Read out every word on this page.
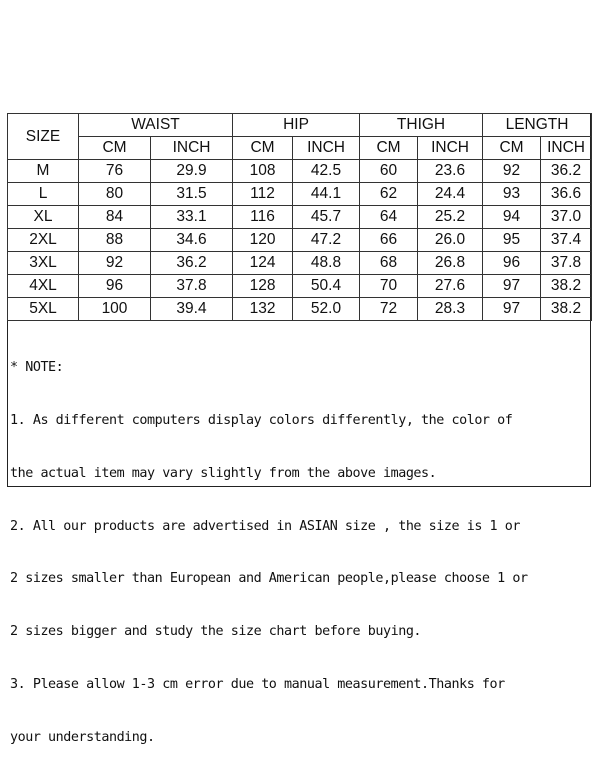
SIZE	WAIST		HIP		THIGH		LENGTH	
	CM	INCH	CM	INCH	CM	INCH	CM	INCH
M	76	29.9	108	42.5	60	23.6	92	36.2
L	80	31.5	112	44.1	62	24.4	93	36.6
XL	84	33.1	116	45.7	64	25.2	94	37.0
2XL	88	34.6	120	47.2	66	26.0	95	37.4
3XL	92	36.2	124	48.8	68	26.8	96	37.8
4XL	96	37.8	128	50.4	70	27.6	97	38.2
5XL	100	39.4	132	52.0	72	28.3	97	38.2

* NOTE:

1. As different computers display colors differently, the color of

the actual item may vary slightly from the above images.

2. All our products are advertised in ASIAN size , the size is 1 or

2 sizes smaller than European and American people,please choose 1 or

2 sizes bigger and study the size chart before buying.

3. Please allow 1-3 cm error due to manual measurement.Thanks for

your understanding.
